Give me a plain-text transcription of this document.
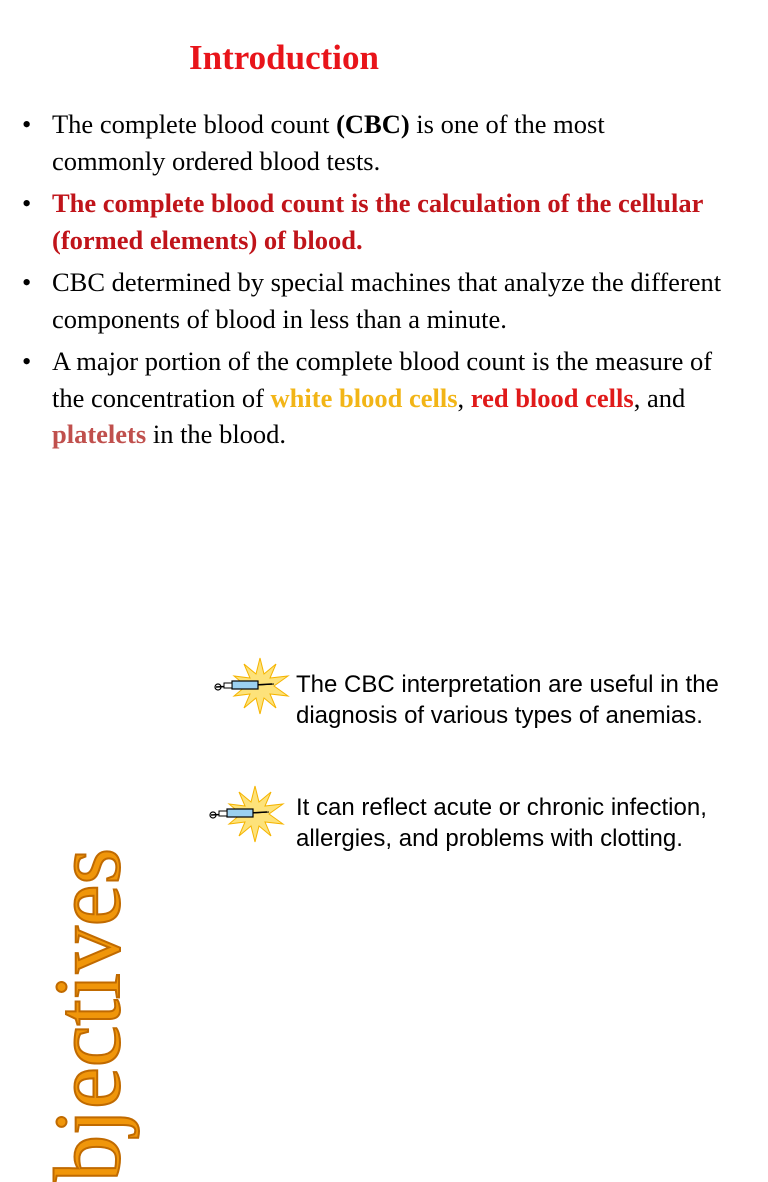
Introduction
• The complete blood count (CBC) is one of the most commonly ordered blood tests.
• The complete blood count is the calculation of the cellular (formed elements) of blood.
• CBC determined by special machines that analyze the different components of blood in less than a minute.
• A major portion of the complete blood count is the measure of the concentration of white blood cells, red blood cells, and platelets in the blood.
bjectives
The CBC interpretation are useful in the diagnosis of various types of anemias.
It can reflect acute or chronic infection, allergies, and problems with clotting.
